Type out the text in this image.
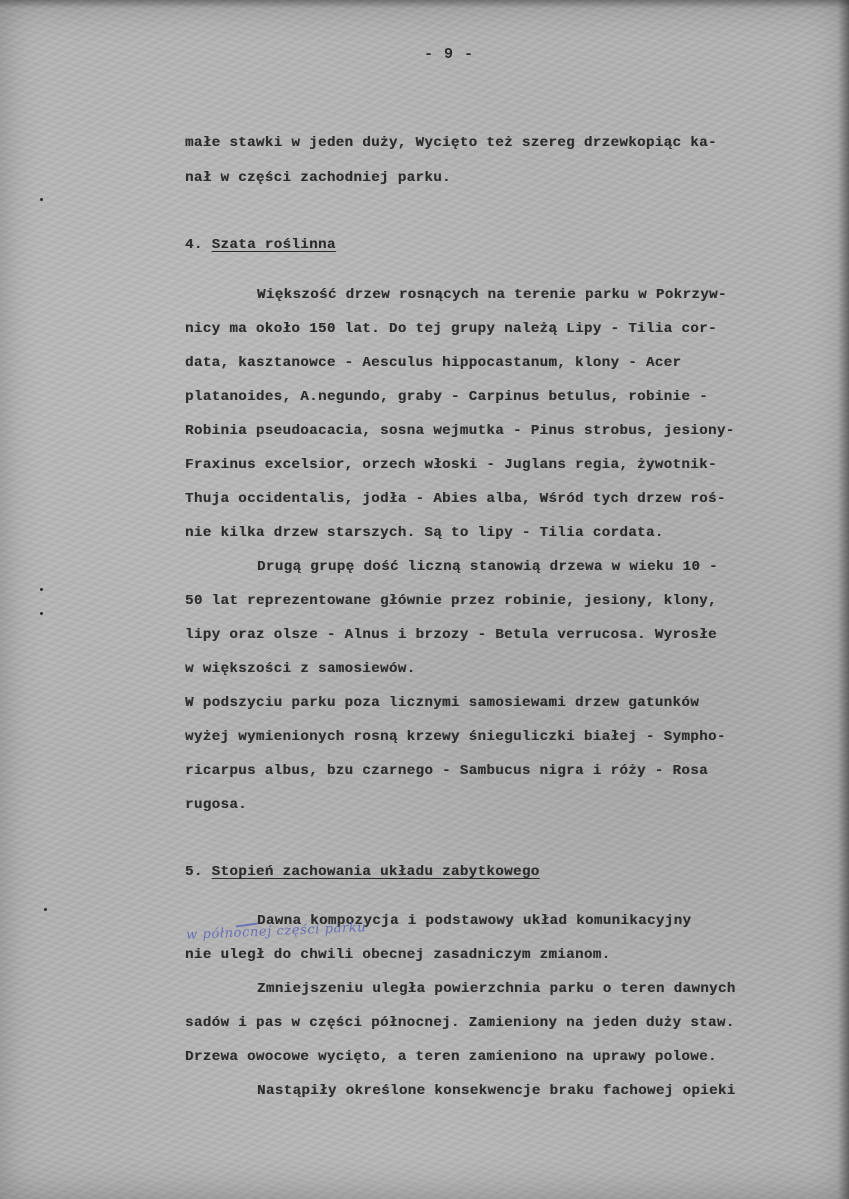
- 9 -
małe stawki w jeden duży, Wycięto też szereg drzewkopiąc ka-
nał w części zachodniej parku.
4. Szata roślinna
Większość drzew rosnących na terenie parku w Pokrzyw-
nicy ma około 150 lat. Do tej grupy należą Lipy - Tilia cor-
data, kasztanowce - Aesculus hippocastanum, klony - Acer
platanoides, A.negundo, graby - Carpinus betulus, robinie -
Robinia pseudoacacia, sosna wejmutka - Pinus strobus, jesiony-
Fraxinus excelsior, orzech włoski - Juglans regia, żywotnik-
Thuja occidentalis, jodła - Abies alba, Wśród tych drzew roś-
nie kilka drzew starszych. Są to lipy - Tilia cordata.
Drugą grupę dość liczną stanowią drzewa w wieku 10 -
50 lat reprezentowane głównie przez robinie, jesiony, klony,
lipy oraz olsze - Alnus i brzozy - Betula verrucosa. Wyrosłe
w większości z samosiewów.
W podszyciu parku poza licznymi samosiewami drzew gatunków
wyżej wymienionych rosną krzewy śnieguliczki białej - Sympho-
ricarpus albus, bzu czarnego - Sambucus nigra i róży - Rosa
rugosa.
5. Stopień zachowania układu zabytkowego
Dawna kompozycja i podstawowy układ komunikacyjny
w północnej części parku
nie uległ do chwili obecnej zasadniczym zmianom.
Zmniejszeniu uległa powierzchnia parku o teren dawnych
sadów i pas w części północnej. Zamieniony na jeden duży staw.
Drzewa owocowe wycięto, a teren zamieniono na uprawy polowe.
Nastąpiły określone konsekwencje braku fachowej opieki
